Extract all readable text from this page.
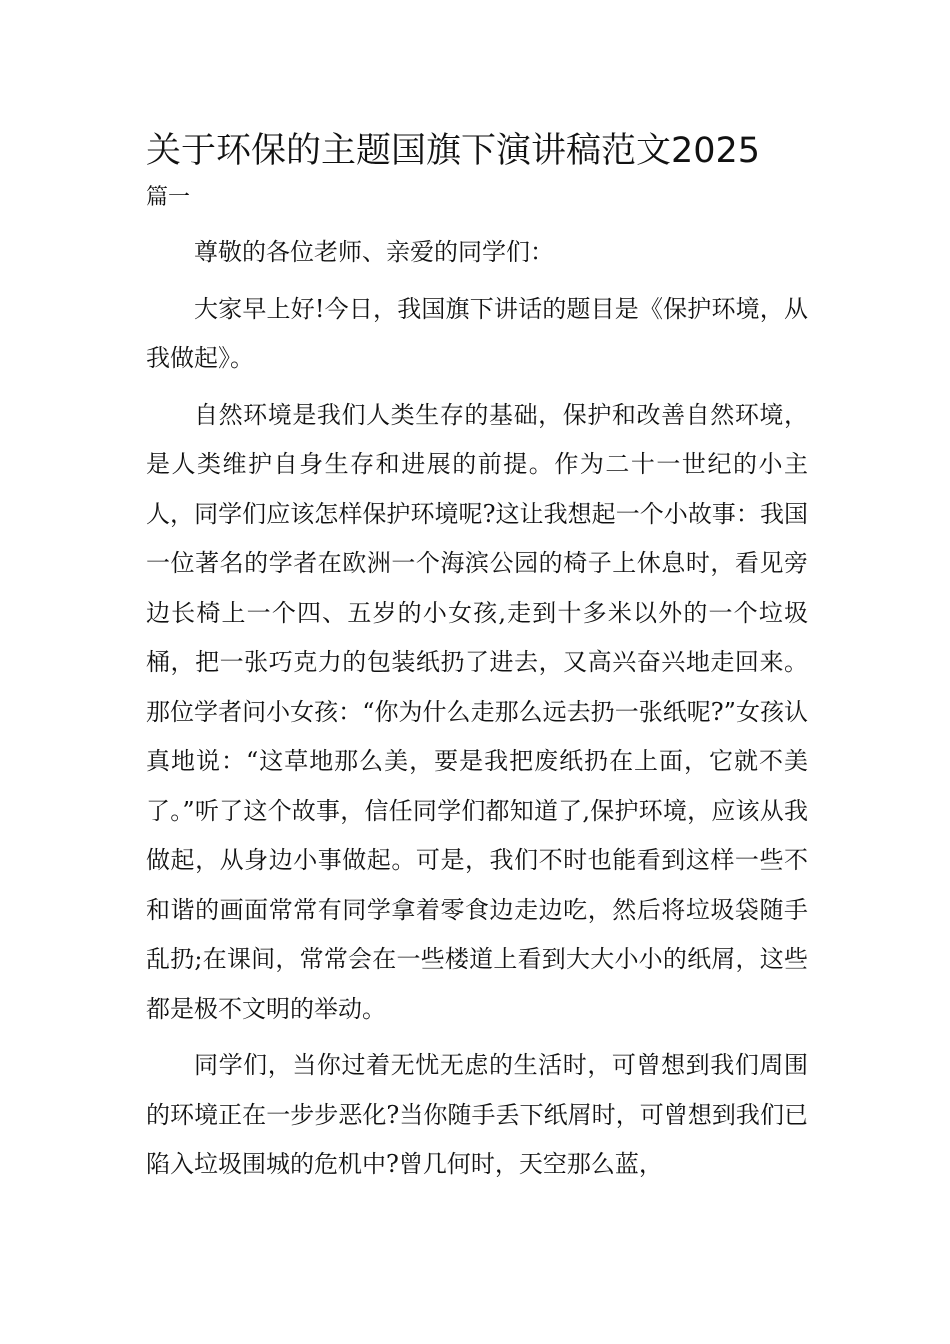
关于环保的主题国旗下演讲稿范文2025
篇一

尊敬的各位老师、亲爱的同学们：

大家早上好!今日，我国旗下讲话的题目是《保护环境，从我做起》。

自然环境是我们人类生存的基础，保护和改善自然环境，是人类维护自身生存和进展的前提。作为二十一世纪的小主人，同学们应该怎样保护环境呢?这让我想起一个小故事：我国一位著名的学者在欧洲一个海滨公园的椅子上休息时，看见旁边长椅上一个四、五岁的小女孩,走到十多米以外的一个垃圾桶，把一张巧克力的包装纸扔了进去，又高兴奋兴地走回来。那位学者问小女孩：“你为什么走那么远去扔一张纸呢?”女孩认真地说：“这草地那么美，要是我把废纸扔在上面，它就不美了。”听了这个故事，信任同学们都知道了,保护环境，应该从我做起，从身边小事做起。可是，我们不时也能看到这样一些不和谐的画面常常有同学拿着零食边走边吃，然后将垃圾袋随手乱扔;在课间，常常会在一些楼道上看到大大小小的纸屑，这些都是极不文明的举动。

同学们，当你过着无忧无虑的生活时，可曾想到我们周围的环境正在一步步恶化?当你随手丢下纸屑时，可曾想到我们已陷入垃圾围城的危机中?曾几何时，天空那么蓝，
